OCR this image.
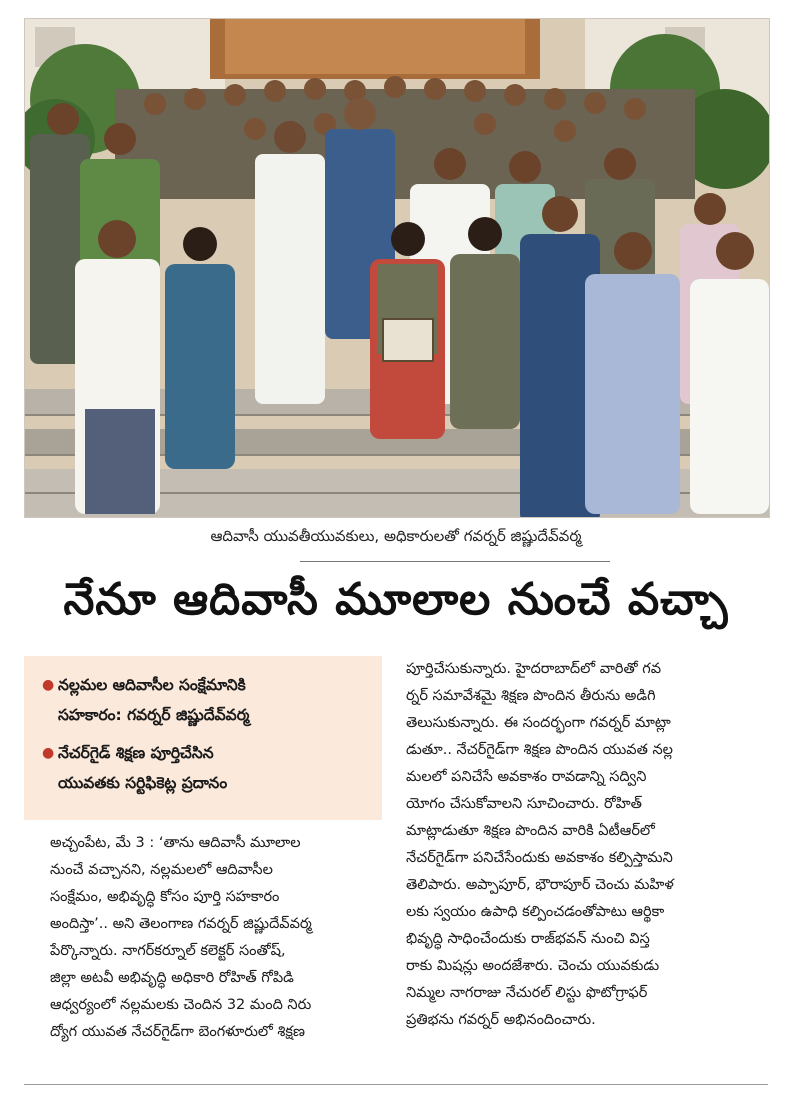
ఆదివాసీ యువతీయువకులు, అధికారులతో గవర్నర్ జిష్ణుదేవ్‌వర్మ
నేనూ ఆదివాసీ మూలాల నుంచే వచ్చా
● నల్లమల ఆదివాసీల సంక్షేమానికి
సహకారం: గవర్నర్ జిష్ణుదేవ్‌వర్మ
● నేచర్‌గైడ్ శిక్షణ పూర్తిచేసిన
యువతకు సర్టిఫికెట్ల ప్రదానం
అచ్చంపేట, మే 3 : ‘తాను ఆదివాసీ మూలాల
నుంచే వచ్చానని, నల్లమలలో ఆదివాసీల
సంక్షేమం, అభివృద్ధి కోసం పూర్తి సహకారం
అందిస్తా’.. అని తెలంగాణ గవర్నర్ జిష్ణుదేవ్‌వర్మ
పేర్కొన్నారు. నాగర్‌కర్నూల్ కలెక్టర్ సంతోష్,
జిల్లా అటవీ అభివృద్ధి అధికారి రోహిత్ గోపిడి
ఆధ్వర్యంలో నల్లమలకు చెందిన 32 మంది నిరు
ద్యోగ యువత నేచర్‌గైడ్‌గా బెంగళూరులో శిక్షణ
పూర్తిచేసుకున్నారు. హైదరాబాద్‌లో వారితో గవ
ర్నర్ సమావేశమై శిక్షణ పొందిన తీరును అడిగి
తెలుసుకున్నారు. ఈ సందర్భంగా గవర్నర్ మాట్లా
డుతూ.. నేచర్‌గైడ్‌గా శిక్షణ పొందిన యువత నల్ల
మలలో పనిచేసే అవకాశం రావడాన్ని సద్విని
యోగం చేసుకోవాలని సూచించారు. రోహిత్
మాట్లాడుతూ శిక్షణ పొందిన వారికి ఏటీఆర్‌లో
నేచర్‌గైడ్‌గా పనిచేసేందుకు అవకాశం కల్పిస్తామని
తెలిపారు. అప్పాపూర్, భౌరాపూర్ చెంచు మహిళ
లకు స్వయం ఉపాధి కల్పించడంతోపాటు ఆర్థికా
భివృద్ధి సాధించేందుకు రాజ్‌భవన్ నుంచి విస్త
రాకు మిషన్లు అందజేశారు. చెంచు యువకుడు
నిమ్మల నాగరాజు నేచురల్ లిస్టు ఫొటోగ్రాఫర్
ప్రతిభను గవర్నర్ అభినందించారు.
